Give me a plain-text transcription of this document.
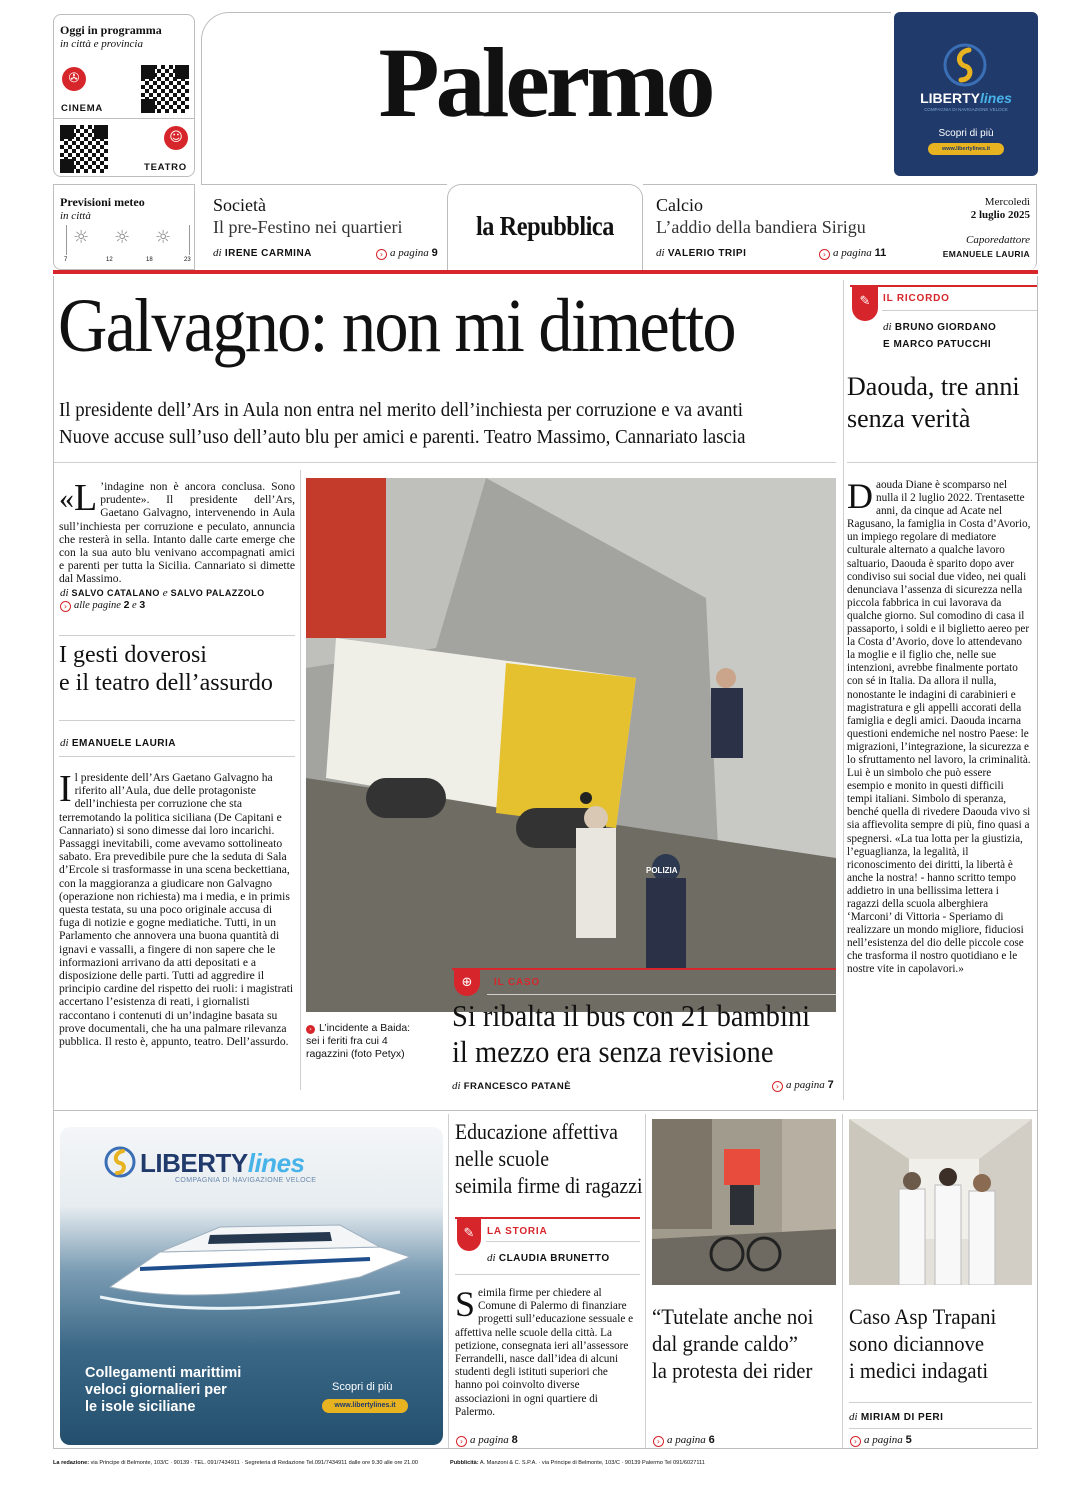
Oggi in programma
in città e provincia
✇
CINEMA
☺
TEATRO
Palermo	LIBERTYlines
COMPAGNIA DI NAVIGAZIONE VELOCE
Scopri di più
www.libertylines.it
Previsioni meteo
in città
☼ ☼ ☼
7	12	18	23
Società
Il pre-Festino nei quartieri
di IRENE CARMINA	› a pagina 9
la Repubblica
Calcio
L’addio della bandiera Sirigu
di VALERIO TRIPI	› a pagina 11
Mercoledì
2 luglio 2025
Caporedattore
EMANUELE LAURIA
Galvagno: non mi dimetto
Il presidente dell’Ars in Aula non entra nel merito dell’inchiesta per corruzione e va avanti
Nuove accuse sull’uso dell’auto blu per amici e parenti. Teatro Massimo, Cannariato lascia
« L ’indagine non è ancora conclusa. Sono prudente». Il presidente dell’Ars, Gaetano Galvagno, intervenendo in Aula sull’inchiesta per corruzione e peculato, annuncia che resterà in sella. Intanto dalle carte emerge che con la sua auto blu venivano accompagnati amici e parenti per tutta la Sicilia. Cannariato si dimette dal Massimo.
di SALVO CATALANO e SALVO PALAZZOLO
› alle pagine 2 e 3
I gesti doverosi
e il teatro dell’assurdo
di EMANUELE LAURIA
Il presidente dell’Ars Gaetano Galvagno ha riferito all’Aula, due delle protagoniste dell’inchiesta per corruzione che sta terremotando la politica siciliana (De Capitani e Cannariato) si sono dimesse dai loro incarichi. Passaggi inevitabili, come avevamo sottolineato sabato. Era prevedibile pure che la seduta di Sala d’Ercole si trasformasse in una scena beckettiana, con la maggioranza a giudicare non Galvagno (operazione non richiesta) ma i media, e in primis questa testata, su una poco originale accusa di fuga di notizie e gogne mediatiche. Tutti, in un Parlamento che annovera una buona quantità di ignavi e vassalli, a fingere di non sapere che le informazioni arrivano da atti depositati e a disposizione delle parti. Tutti ad aggredire il principio cardine del rispetto dei ruoli: i magistrati accertano l’esistenza di reati, i giornalisti raccontano i contenuti di un’indagine basata su prove documentali, che ha una palmare rilevanza pubblica. Il resto è, appunto, teatro. Dell’assurdo.
POLIZIA
› L’incidente a Baida: sei i feriti fra cui 4 ragazzini (foto Petyx)
⊕	IL CASO
Si ribalta il bus con 21 bambini
il mezzo era senza revisione
di FRANCESCO PATANÈ	› a pagina 7
✎	IL RICORDO
di BRUNO GIORDANO
E MARCO PATUCCHI
Daouda, tre anni
senza verità
Daouda Diane è scomparso nel nulla il 2 luglio 2022. Trentasette anni, da cinque ad Acate nel Ragusano, la famiglia in Costa d’Avorio, un impiego regolare di mediatore culturale alternato a qualche lavoro saltuario, Daouda è sparito dopo aver condiviso sui social due video, nei quali denunciava l’assenza di sicurezza nella piccola fabbrica in cui lavorava da qualche giorno. Sul comodino di casa il passaporto, i soldi e il biglietto aereo per la Costa d’Avorio, dove lo attendevano la moglie e il figlio che, nelle sue intenzioni, avrebbe finalmente portato con sé in Italia. Da allora il nulla, nonostante le indagini di carabinieri e magistratura e gli appelli accorati della famiglia e degli amici. Daouda incarna questioni endemiche nel nostro Paese: le migrazioni, l’integrazione, la sicurezza e lo sfruttamento nel lavoro, la criminalità. Lui è un simbolo che può essere esempio e monito in questi difficili tempi italiani. Simbolo di speranza, benché quella di rivedere Daouda vivo si sia affievolita sempre di più, fino quasi a spegnersi. «La tua lotta per la giustizia, l’eguaglianza, la legalità, il riconoscimento dei diritti, la libertà è anche la nostra! - hanno scritto tempo addietro in una bellissima lettera i ragazzi della scuola alberghiera ‘Marconi’ di Vittoria - Speriamo di realizzare un mondo migliore, fiduciosi nell’esistenza del dio delle piccole cose che trasforma il nostro quotidiano e le nostre vite in capolavori.»
LIBERTYlines
COMPAGNIA DI NAVIGAZIONE VELOCE
Collegamenti marittimi
veloci giornalieri per
le isole siciliane
Scopri di più
www.libertylines.it
Educazione affettiva
nelle scuole
seimila firme di ragazzi
✎	LA STORIA
di CLAUDIA BRUNETTO
Seimila firme per chiedere al Comune di Palermo di finanziare progetti sull’educazione sessuale e affettiva nelle scuole della città. La petizione, consegnata ieri all’assessore Ferrandelli, nasce dall’idea di alcuni studenti degli istituti superiori che hanno poi coinvolto diverse associazioni in ogni quartiere di Palermo.
› a pagina 8
“Tutelate anche noi
dal grande caldo”
la protesta dei rider
› a pagina 6
Caso Asp Trapani
sono diciannove
i medici indagati
di MIRIAM DI PERI
› a pagina 5
La redazione: via Principe di Belmonte, 103/C · 90139 · TEL. 091/7434911 · Segreteria di Redazione Tel.091/7434911 dalle ore 9.30 alle ore 21.00	Pubblicità: A. Manzoni & C. S.P.A. · via Principe di Belmonte, 103/C · 90139 Palermo Tel 091/6027111
